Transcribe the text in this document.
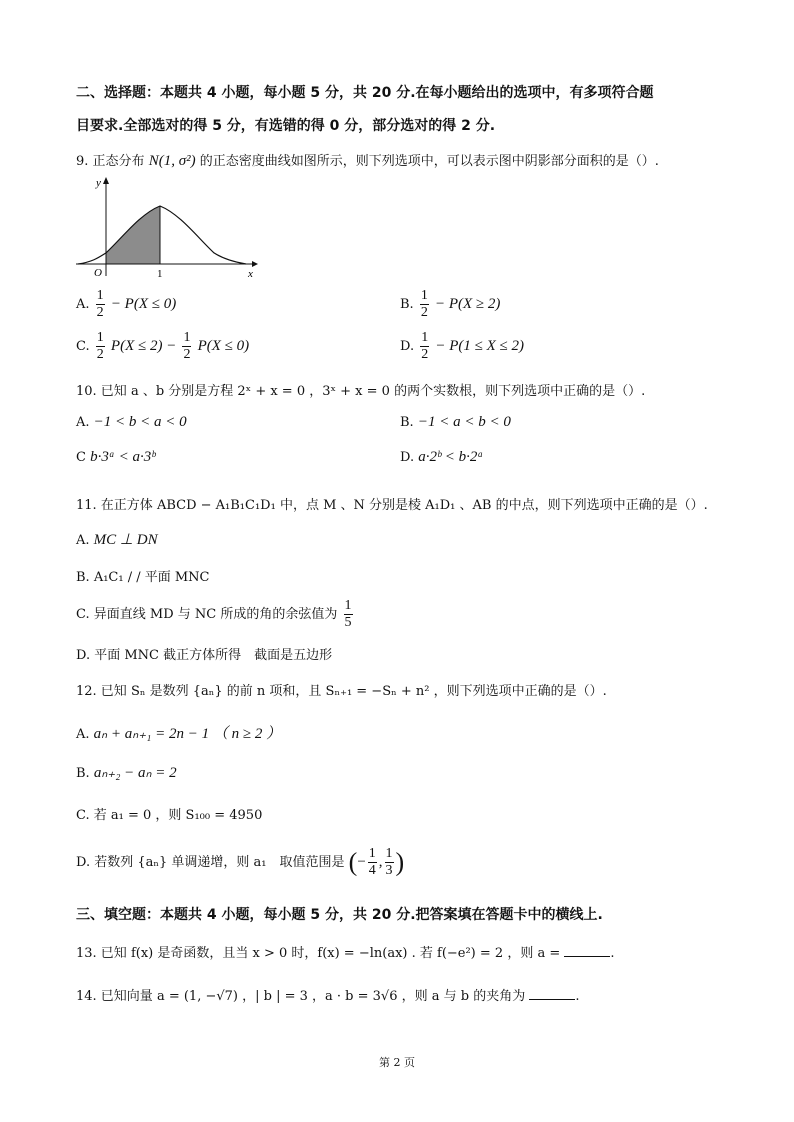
二、选择题：本题共 4 小题，每小题 5 分，共 20 分.在每小题给出的选项中，有多项符合题
目要求.全部选对的得 5 分，有选错的得 0 分，部分选对的得 2 分.
9. 正态分布 N(1, σ²) 的正态密度曲线如图所示，则下列选项中，可以表示图中阴影部分面积的是（）.
y
x
O	1
A. $\frac{1}{2} - P(X \le 0)$	B. $\frac{1}{2} - P(X \ge 2)$
C. $\frac{1}{2} P(X \le 2) - \frac{1}{2} P(X \le 0)$	D. $\frac{1}{2} - P(1 \le X \le 2)$
10. 已知 a 、b 分别是方程 2ˣ + x = 0 ，3ˣ + x = 0 的两个实数根，则下列选项中正确的是（）.
A. −1 < b < a < 0	B. −1 < a < b < 0
C b·3ᵃ < a·3ᵇ	D. a·2ᵇ < b·2ᵃ
11. 在正方体 ABCD − A₁B₁C₁D₁ 中，点 M 、N 分别是棱 A₁D₁ 、AB 的中点，则下列选项中正确的是（）.
A. MC ⊥ DN
B. A₁C₁ / / 平面 MNC
C. 异面直线 MD 与 NC 所成的角的余弦值为 $\frac{1}{5}$
D. 平面 MNC 截正方体所得　截面是五边形
12. 已知 Sₙ 是数列 {aₙ} 的前 n 项和，且 Sₙ₊₁ = −Sₙ + n² ，则下列选项中正确的是（）.
A. aₙ + aₙ₊₁ = 2n − 1 （ n ≥ 2 ）
B. aₙ₊₂ − aₙ = 2
C. 若 a₁ = 0 ，则 S₁₀₀ = 4950
D. 若数列 {aₙ} 单调递增，则 a₁　取值范围是 (− $\frac{1}{4}$ , $\frac{1}{3}$ )
三、填空题：本题共 4 小题，每小题 5 分，共 20 分.把答案填在答题卡中的横线上.
13. 已知 f(x) 是奇函数，且当 x > 0 时，f(x) = −ln(ax) . 若 f(−e²) = 2 ，则 a =	.
14. 已知向量 a = (1, −√7) ，| b | = 3 ，a · b = 3√6 ，则 a 与 b 的夹角为	.
第 2 页
